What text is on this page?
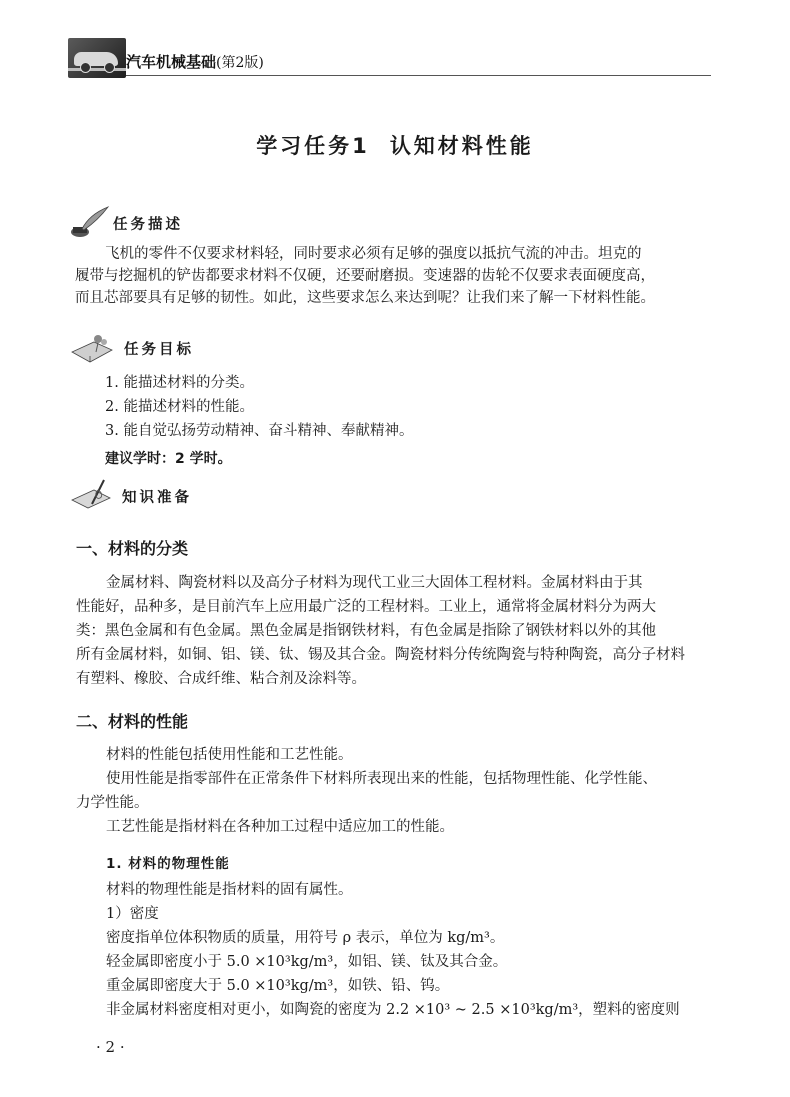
汽车机械基础(第2版)
学习任务1 认知材料性能
任务描述

飞机的零件不仅要求材料轻，同时要求必须有足够的强度以抵抗气流的冲击。坦克的

履带与挖掘机的铲齿都要求材料不仅硬，还要耐磨损。变速器的齿轮不仅要求表面硬度高，

而且芯部要具有足够的韧性。如此，这些要求怎么来达到呢？让我们来了解一下材料性能。

任务目标

1. 能描述材料的分类。

2. 能描述材料的性能。

3. 能自觉弘扬劳动精神、奋斗精神、奉献精神。

建议学时：2 学时。
知识准备
一、材料的分类

金属材料、陶瓷材料以及高分子材料为现代工业三大固体工程材料。金属材料由于其

性能好，品种多，是目前汽车上应用最广泛的工程材料。工业上，通常将金属材料分为两大

类：黑色金属和有色金属。黑色金属是指钢铁材料，有色金属是指除了钢铁材料以外的其他

所有金属材料，如铜、铝、镁、钛、锡及其合金。陶瓷材料分传统陶瓷与特种陶瓷，高分子材料

有塑料、橡胶、合成纤维、粘合剂及涂料等。

二、材料的性能

材料的性能包括使用性能和工艺性能。

使用性能是指零部件在正常条件下材料所表现出来的性能，包括物理性能、化学性能、

力学性能。

工艺性能是指材料在各种加工过程中适应加工的性能。

1. 材料的物理性能

材料的物理性能是指材料的固有属性。

1）密度

密度指单位体积物质的质量，用符号 ρ 表示，单位为 kg/m³。

轻金属即密度小于 5.0 ×10³kg/m³，如铝、镁、钛及其合金。

重金属即密度大于 5.0 ×10³kg/m³，如铁、铅、钨。

非金属材料密度相对更小，如陶瓷的密度为 2.2 ×10³ ~ 2.5 ×10³kg/m³，塑料的密度则

· 2 ·
